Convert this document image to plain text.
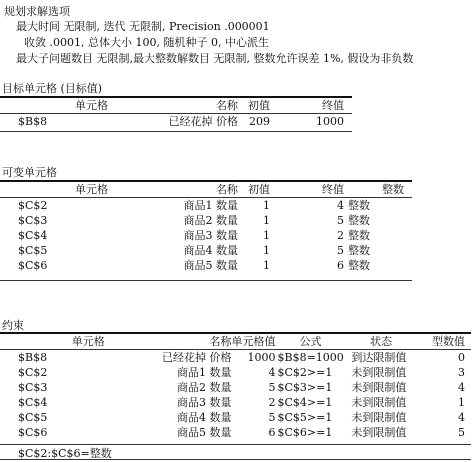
规划求解选项
最大时间 无限制, 迭代 无限制, Precision .000001
收敛 .0001, 总体大小 100, 随机种子 0, 中心派生
最大子问题数目 无限制,最大整数解数目 无限制, 整数允许误差 1%, 假设为非负数
目标单元格 (目标值)
单元格	名称	初值	终值	
$B$8	已经花掉 价格	209	1000	
可变单元格
单元格	名称	初值	终值	整数
$C$2	商品1 数量	1	4	整数
$C$3	商品2 数量	1	5	整数
$C$4	商品3 数量	1	2	整数
$C$5	商品4 数量	1	5	整数
$C$6	商品5 数量	1	6	整数
约束
单元格	名称	单元格值	公式	状态	型数值
$B$8	已经花掉 价格	1000	$B$8=1000	到达限制值	0
$C$2	商品1 数量	4	$C$2>=1	未到限制值	3
$C$3	商品2 数量	5	$C$3>=1	未到限制值	4
$C$4	商品3 数量	2	$C$4>=1	未到限制值	1
$C$5	商品4 数量	5	$C$5>=1	未到限制值	4
$C$6	商品5 数量	6	$C$6>=1	未到限制值	5
$C$2:$C$6=整数
